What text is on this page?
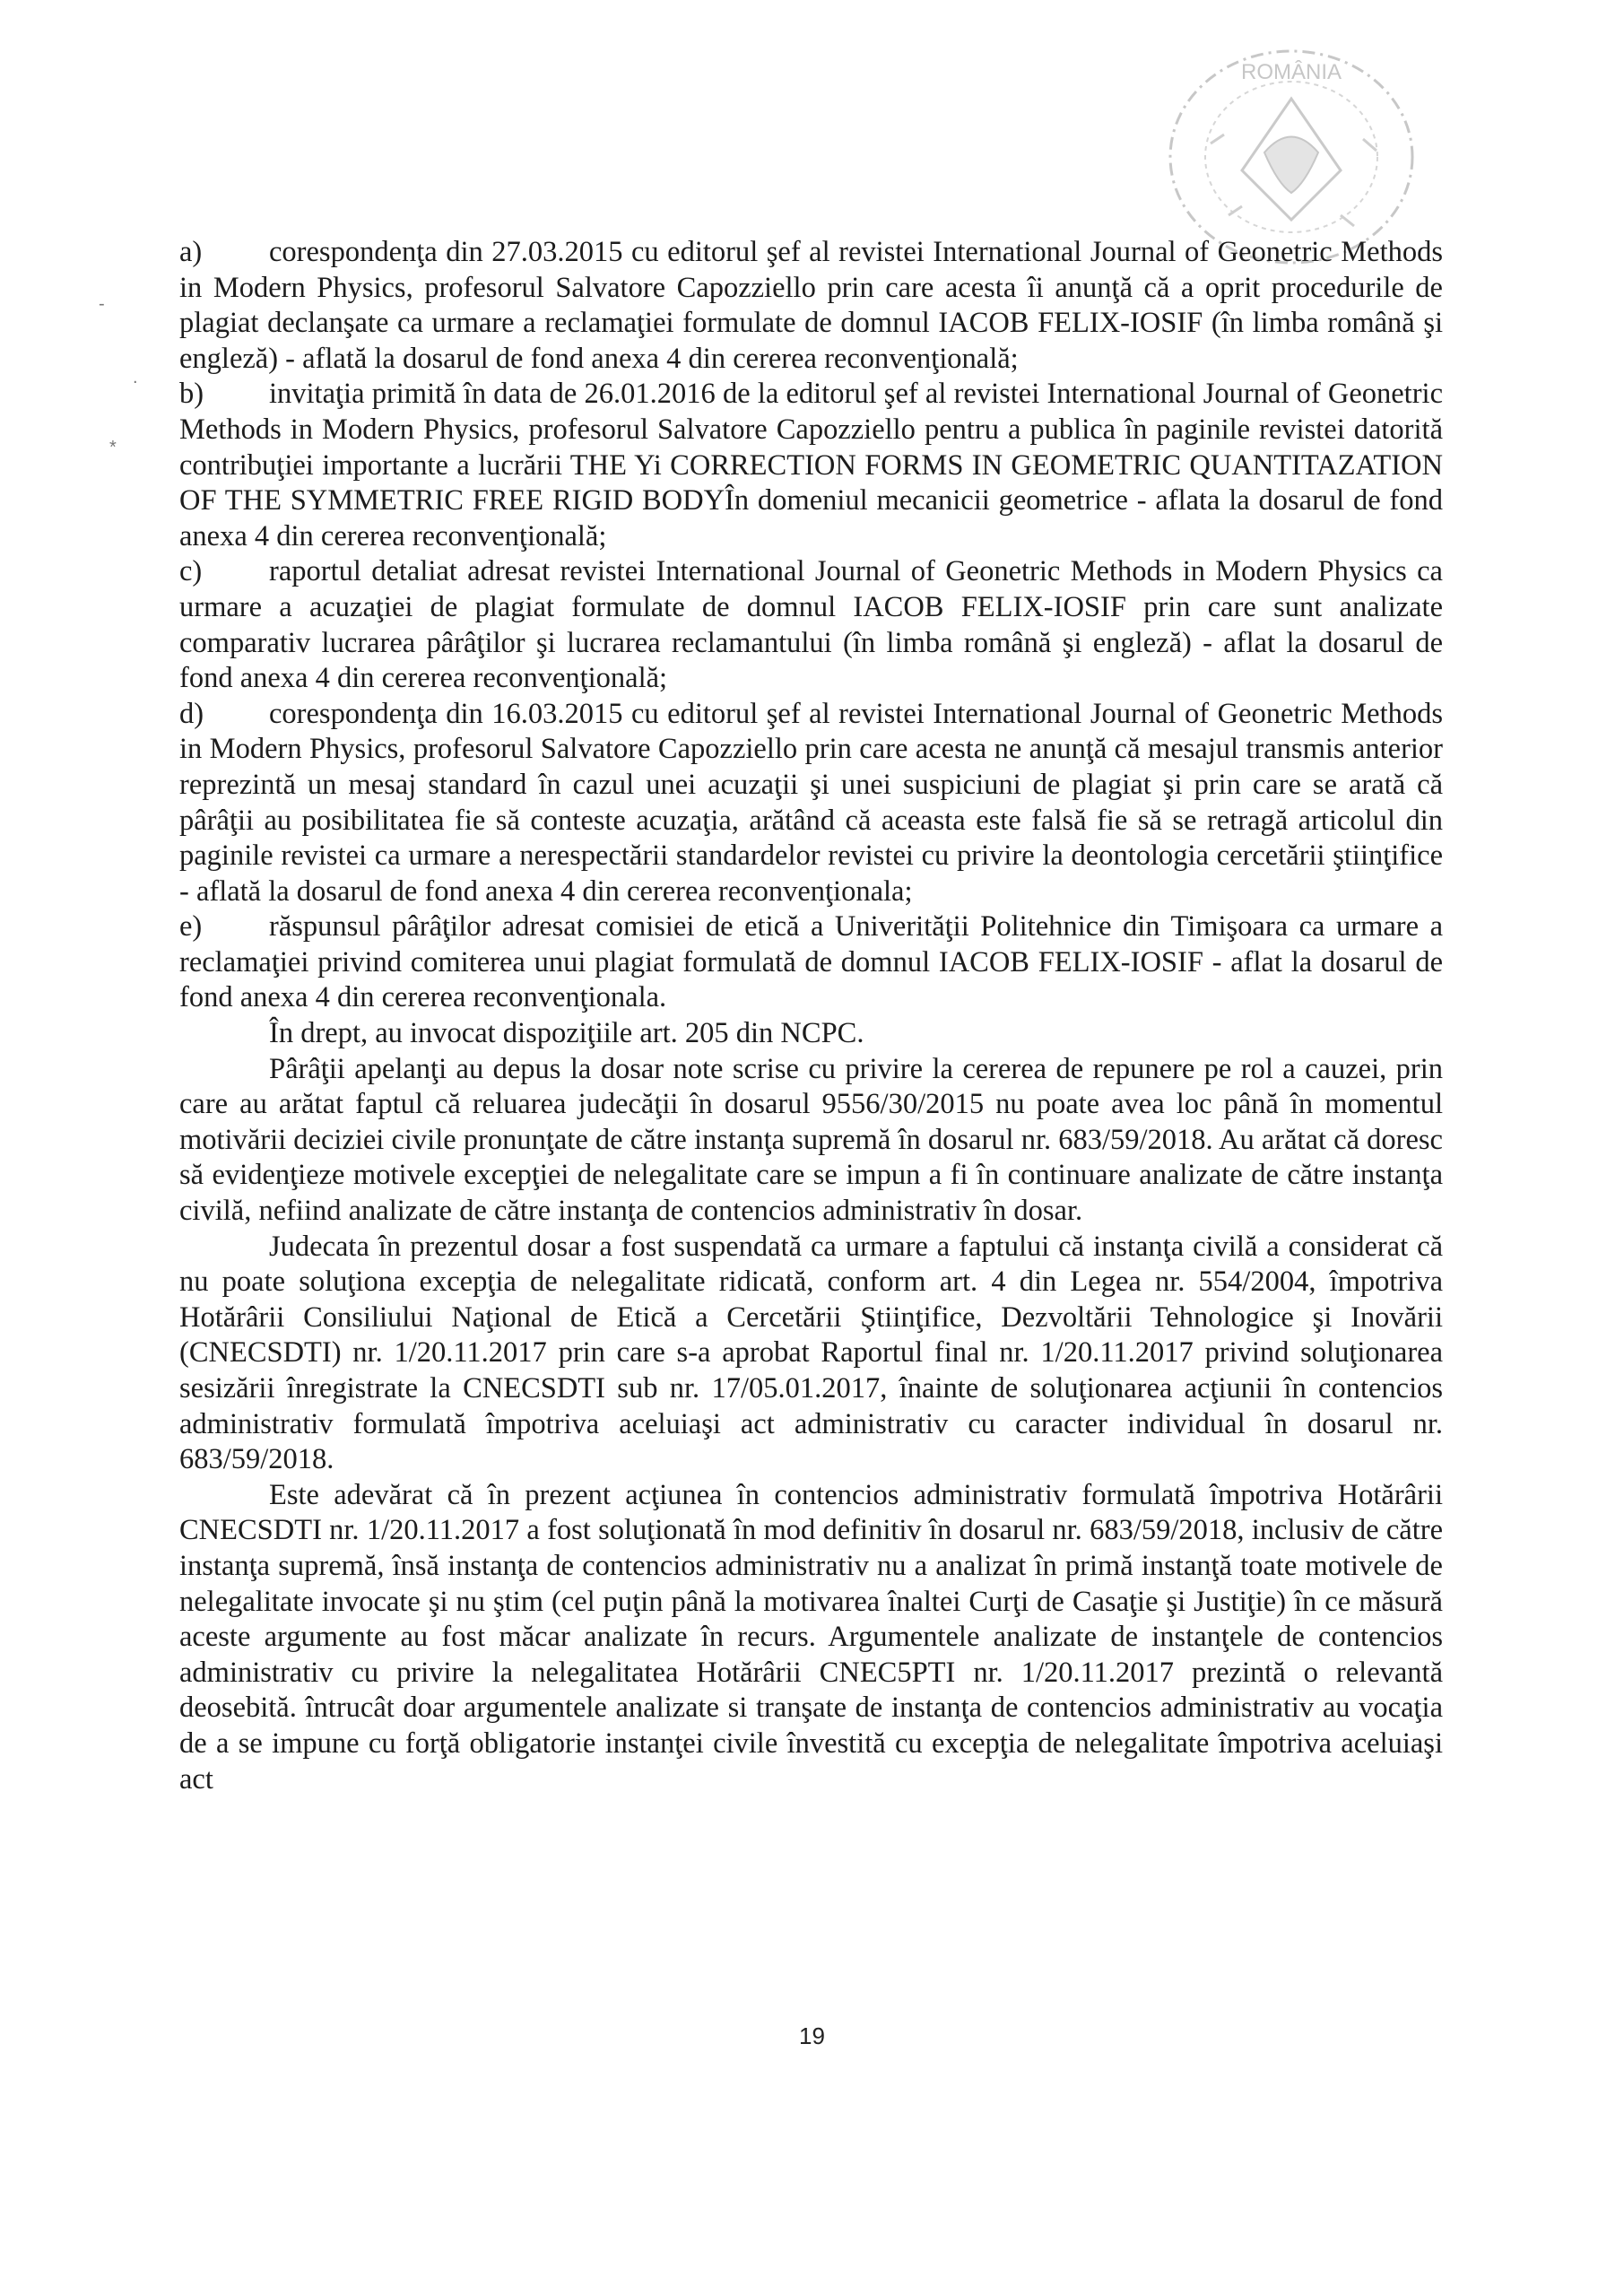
ROMÂNIA
-
.
*

a) corespondenţa din 27.03.2015 cu editorul şef al revistei International Journal of Geonetric Methods in Modern Physics, profesorul Salvatore Capozziello prin care acesta îi anunţă că a oprit procedurile de plagiat declanşate ca urmare a reclamaţiei formulate de domnul IACOB FELIX-IOSIF (în limba română şi engleză) - aflată la dosarul de fond anexa 4 din cererea reconvenţională;

b) invitaţia primită în data de 26.01.2016 de la editorul şef al revistei International Journal of Geonetric Methods in Modern Physics, profesorul Salvatore Capozziello pentru a publica în paginile revistei datorită contribuţiei importante a lucrării THE Yi CORRECTION FORMS IN GEOMETRIC QUANTITAZATION OF THE SYMMETRIC FREE RIGID BODYÎn domeniul mecanicii geometrice - aflata la dosarul de fond anexa 4 din cererea reconvenţională;

c) raportul detaliat adresat revistei International Journal of Geonetric Methods in Modern Physics ca urmare a acuzaţiei de plagiat formulate de domnul IACOB FELIX-IOSIF prin care sunt analizate comparativ lucrarea pârâţilor şi lucrarea reclamantului (în limba română şi engleză) - aflat la dosarul de fond anexa 4 din cererea reconvenţională;

d) corespondenţa din 16.03.2015 cu editorul şef al revistei International Journal of Geonetric Methods in Modern Physics, profesorul Salvatore Capozziello prin care acesta ne anunţă că mesajul transmis anterior reprezintă un mesaj standard în cazul unei acuzaţii şi unei suspiciuni de plagiat şi prin care se arată că pârâţii au posibilitatea fie să conteste acuzaţia, arătând că aceasta este falsă fie să se retragă articolul din paginile revistei ca urmare a nerespectării standardelor revistei cu privire la deontologia cercetării ştiinţifice - aflată la dosarul de fond anexa 4 din cererea reconvenţionala;

e) răspunsul pârâţilor adresat comisiei de etică a Univerităţii Politehnice din Timişoara ca urmare a reclamaţiei privind comiterea unui plagiat formulată de domnul IACOB FELIX-IOSIF - aflat la dosarul de fond anexa 4 din cererea reconvenţionala.

În drept, au invocat dispoziţiile art. 205 din NCPC.

Pârâţii apelanţi au depus la dosar note scrise cu privire la cererea de repunere pe rol a cauzei, prin care au arătat faptul că reluarea judecăţii în dosarul 9556/30/2015 nu poate avea loc până în momentul motivării deciziei civile pronunţate de către instanţa supremă în dosarul nr. 683/59/2018. Au arătat că doresc să evidenţieze motivele excepţiei de nelegalitate care se impun a fi în continuare analizate de către instanţa civilă, nefiind analizate de către instanţa de contencios administrativ în dosar.

Judecata în prezentul dosar a fost suspendată ca urmare a faptului că instanţa civilă a considerat că nu poate soluţiona excepţia de nelegalitate ridicată, conform art. 4 din Legea nr. 554/2004, împotriva Hotărârii Consiliului Naţional de Etică a Cercetării Ştiinţifice, Dezvoltării Tehnologice şi Inovării (CNECSDTI) nr. 1/20.11.2017 prin care s-a aprobat Raportul final nr. 1/20.11.2017 privind soluţionarea sesizării înregistrate la CNECSDTI sub nr. 17/05.01.2017, înainte de soluţionarea acţiunii în contencios administrativ formulată împotriva aceluiaşi act administrativ cu caracter individual în dosarul nr. 683/59/2018.

Este adevărat că în prezent acţiunea în contencios administrativ formulată împotriva Hotărârii CNECSDTI nr. 1/20.11.2017 a fost soluţionată în mod definitiv în dosarul nr. 683/59/2018, inclusiv de către instanţa supremă, însă instanţa de contencios administrativ nu a analizat în primă instanţă toate motivele de nelegalitate invocate şi nu ştim (cel puţin până la motivarea înaltei Curţi de Casaţie şi Justiţie) în ce măsură aceste argumente au fost măcar analizate în recurs. Argumentele analizate de instanţele de contencios administrativ cu privire la nelegalitatea Hotărârii CNEC5PTI nr. 1/20.11.2017 prezintă o relevantă deosebită. întrucât doar argumentele analizate si tranşate de instanţa de contencios administrativ au vocaţia de a se impune cu forţă obligatorie instanţei civile învestită cu excepţia de nelegalitate împotriva aceluiaşi act

19
